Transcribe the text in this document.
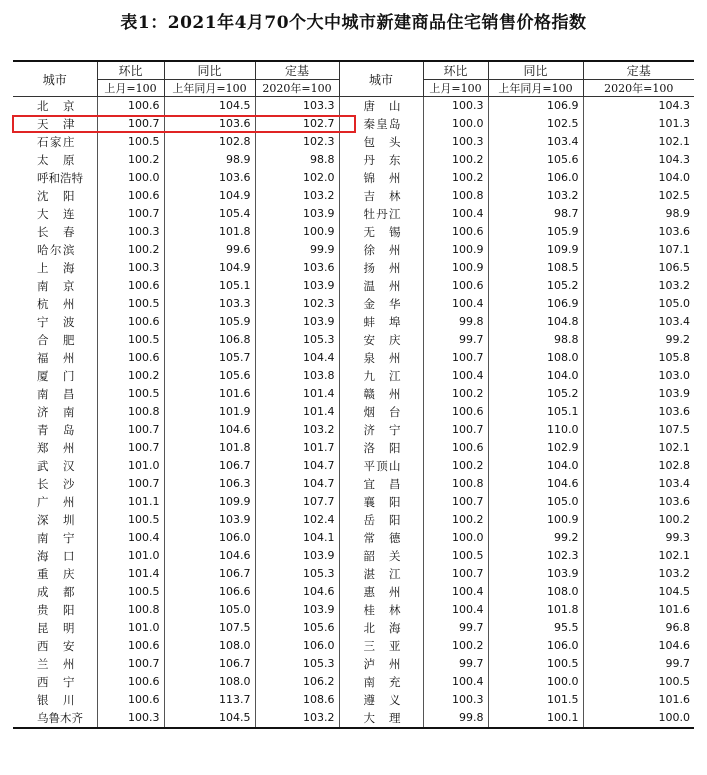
表1：2021年4月70个大中城市新建商品住宅销售价格指数
城市	环比	同比	定基	城市	环比	同比	定基
	上月=100	上年同月=100	2020年=100		上月=100	上年同月=100	2020年=100
北京	100.6	104.5	103.3	唐山	100.3	106.9	104.3
天津	100.7	103.6	102.7	秦皇岛	100.0	102.5	101.3
石家庄	100.5	102.8	102.3	包头	100.3	103.4	102.1
太原	100.2	98.9	98.8	丹东	100.2	105.6	104.3
呼和浩特	100.0	103.6	102.0	锦州	100.2	106.0	104.0
沈阳	100.6	104.9	103.2	吉林	100.8	103.2	102.5
大连	100.7	105.4	103.9	牡丹江	100.4	98.7	98.9
长春	100.3	101.8	100.9	无锡	100.6	105.9	103.6
哈尔滨	100.2	99.6	99.9	徐州	100.9	109.9	107.1
上海	100.3	104.9	103.6	扬州	100.9	108.5	106.5
南京	100.6	105.1	103.9	温州	100.6	105.2	103.2
杭州	100.5	103.3	102.3	金华	100.4	106.9	105.0
宁波	100.6	105.9	103.9	蚌埠	99.8	104.8	103.4
合肥	100.5	106.8	105.3	安庆	99.7	98.8	99.2
福州	100.6	105.7	104.4	泉州	100.7	108.0	105.8
厦门	100.2	105.6	103.8	九江	100.4	104.0	103.0
南昌	100.5	101.6	101.4	赣州	100.2	105.2	103.9
济南	100.8	101.9	101.4	烟台	100.6	105.1	103.6
青岛	100.7	104.6	103.2	济宁	100.7	110.0	107.5
郑州	100.7	101.8	101.7	洛阳	100.6	102.9	102.1
武汉	101.0	106.7	104.7	平顶山	100.2	104.0	102.8
长沙	100.7	106.3	104.7	宜昌	100.8	104.6	103.4
广州	101.1	109.9	107.7	襄阳	100.7	105.0	103.6
深圳	100.5	103.9	102.4	岳阳	100.2	100.9	100.2
南宁	100.4	106.0	104.1	常德	100.0	99.2	99.3
海口	101.0	104.6	103.9	韶关	100.5	102.3	102.1
重庆	101.4	106.7	105.3	湛江	100.7	103.9	103.2
成都	100.5	106.6	104.6	惠州	100.4	108.0	104.5
贵阳	100.8	105.0	103.9	桂林	100.4	101.8	101.6
昆明	101.0	107.5	105.6	北海	99.7	95.5	96.8
西安	100.6	108.0	106.0	三亚	100.2	106.0	104.6
兰州	100.7	106.7	105.3	泸州	99.7	100.5	99.7
西宁	100.6	108.0	106.2	南充	100.4	100.0	100.5
银川	100.6	113.7	108.6	遵义	100.3	101.5	101.6
乌鲁木齐	100.3	104.5	103.2	大理	99.8	100.1	100.0
